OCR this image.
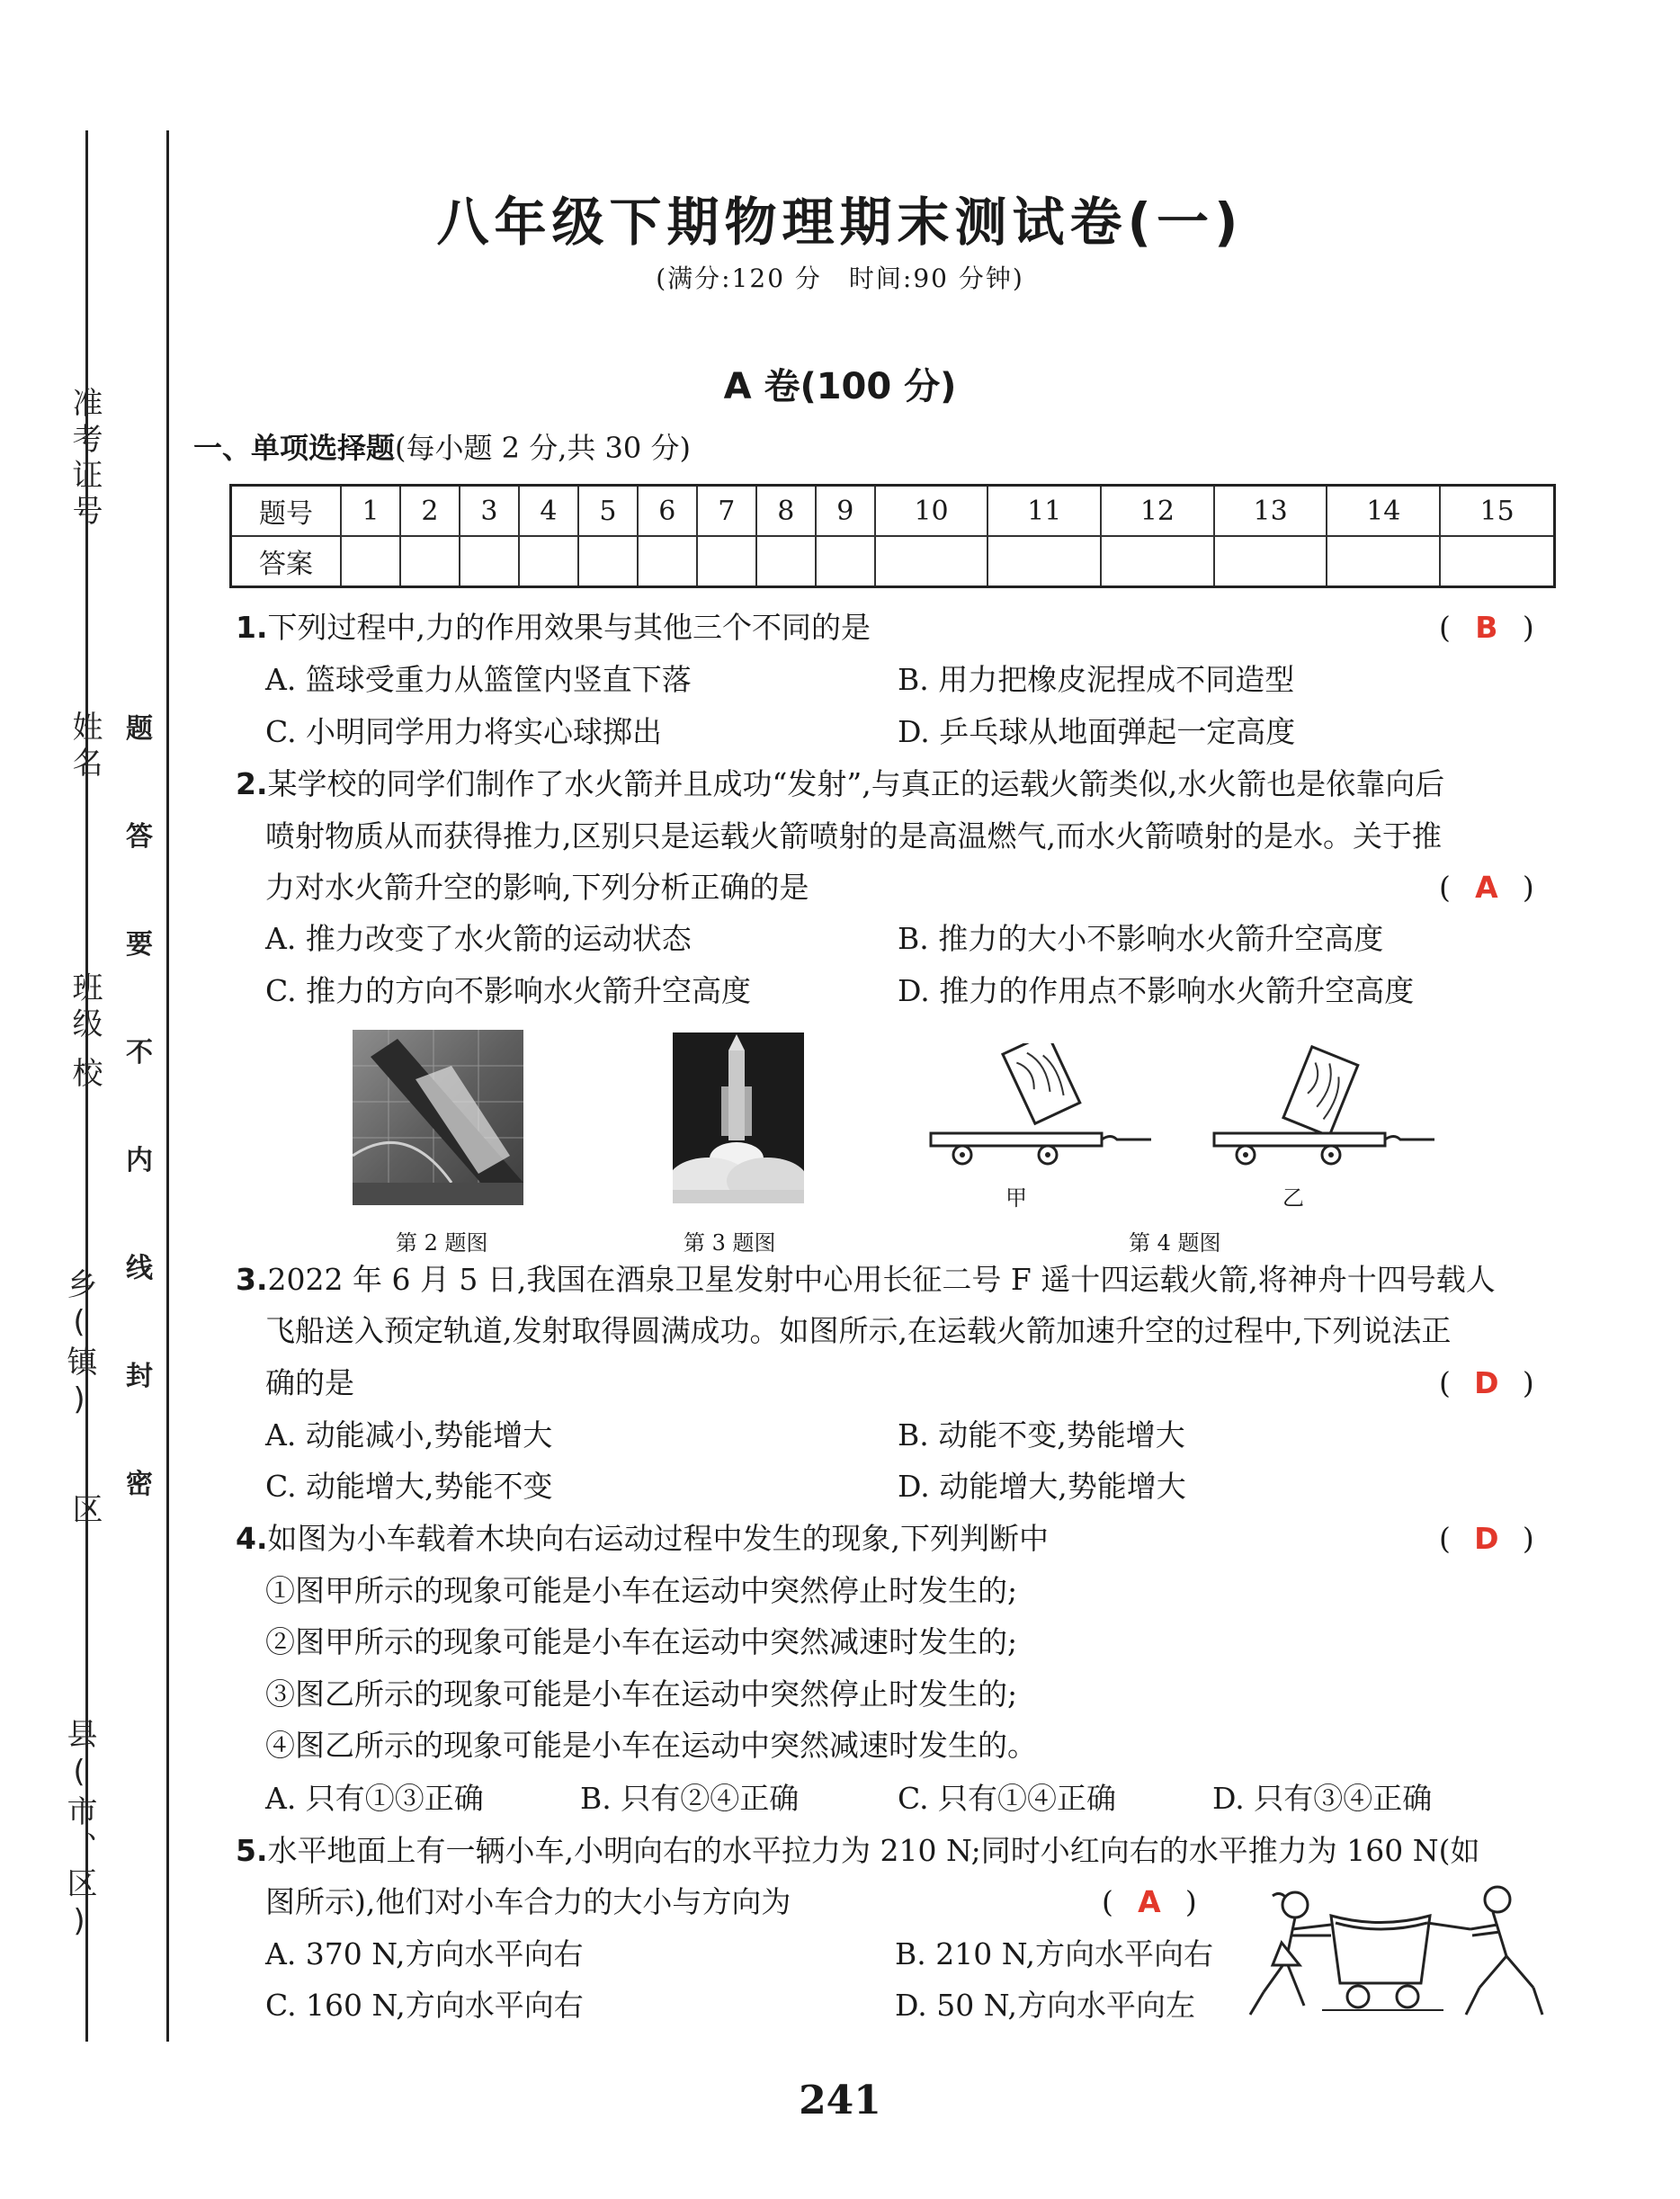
准考证号
姓名
班级
校
乡(镇)
区
县(市、区)
题
答
要
不
内
线
封
密
八年级下期物理期末测试卷(一)
(满分:120 分　时间:90 分钟)
A 卷(100 分)
一、单项选择题(每小题 2 分,共 30 分)
题号	1	2	3	4	5	6	7	8	9	10	11	12	13	14	15
答案															
1.下列过程中,力的作用效果与其他三个不同的是	( B )
A. 篮球受重力从篮筐内竖直下落	B. 用力把橡皮泥捏成不同造型
C. 小明同学用力将实心球掷出	D. 乒乓球从地面弹起一定高度
2.某学校的同学们制作了水火箭并且成功“发射”,与真正的运载火箭类似,水火箭也是依靠向后
喷射物质从而获得推力,区别只是运载火箭喷射的是高温燃气,而水火箭喷射的是水。关于推
力对水火箭升空的影响,下列分析正确的是	( A )
A. 推力改变了水火箭的运动状态	B. 推力的大小不影响水火箭升空高度
C. 推力的方向不影响水火箭升空高度	D. 推力的作用点不影响水火箭升空高度
甲	乙
第 2 题图	第 3 题图	第 4 题图
3.2022 年 6 月 5 日,我国在酒泉卫星发射中心用长征二号 F 遥十四运载火箭,将神舟十四号载人
飞船送入预定轨道,发射取得圆满成功。如图所示,在运载火箭加速升空的过程中,下列说法正
确的是	( D )
A. 动能减小,势能增大	B. 动能不变,势能增大
C. 动能增大,势能不变	D. 动能增大,势能增大
4.如图为小车载着木块向右运动过程中发生的现象,下列判断中	( D )
①图甲所示的现象可能是小车在运动中突然停止时发生的;
②图甲所示的现象可能是小车在运动中突然减速时发生的;
③图乙所示的现象可能是小车在运动中突然停止时发生的;
④图乙所示的现象可能是小车在运动中突然减速时发生的。
A. 只有①③正确	B. 只有②④正确	C. 只有①④正确	D. 只有③④正确
5.水平地面上有一辆小车,小明向右的水平拉力为 210 N;同时小红向右的水平推力为 160 N(如
图所示),他们对小车合力的大小与方向为	( A )
A. 370 N,方向水平向右	B. 210 N,方向水平向右
C. 160 N,方向水平向右	D. 50 N,方向水平向左
241
